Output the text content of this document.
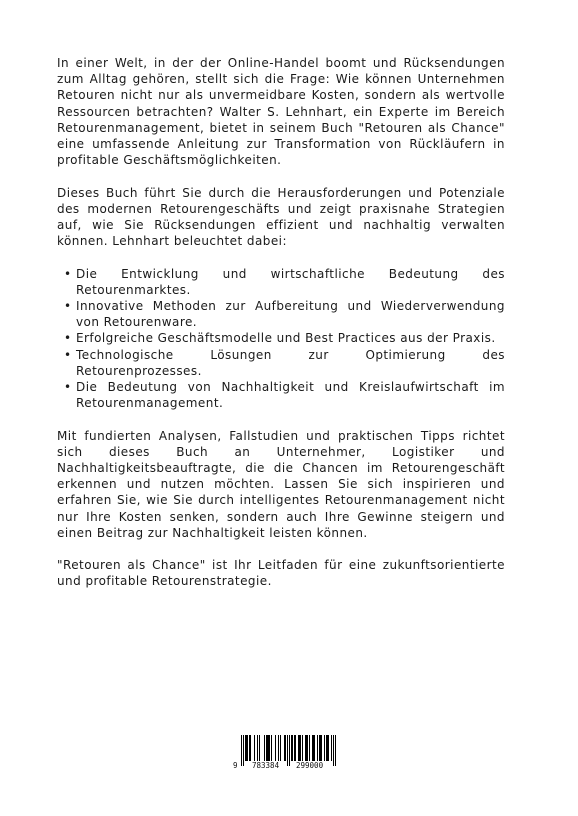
In einer Welt, in der der Online-Handel boomt und Rücksendungen zum Alltag gehören, stellt sich die Frage: Wie können Unternehmen Retouren nicht nur als unvermeidbare Kosten, sondern als wertvolle Ressourcen betrachten? Walter S. Lehnhart, ein Experte im Bereich Retourenmanagement, bietet in seinem Buch "Retouren als Chance" eine umfassende Anleitung zur Transformation von Rückläufern in profitable Geschäftsmöglichkeiten.

Dieses Buch führt Sie durch die Herausforderungen und Potenziale des modernen Retourengeschäfts und zeigt praxisnahe Strategien auf, wie Sie Rücksendungen effizient und nachhaltig verwalten können. Lehnhart beleuchtet dabei:

• Die Entwicklung und wirtschaftliche Bedeutung des Retourenmarktes.
• Innovative Methoden zur Aufbereitung und Wiederverwendung von Retourenware.
• Erfolgreiche Geschäftsmodelle und Best Practices aus der Praxis.
• Technologische Lösungen zur Optimierung des Retourenprozesses.
• Die Bedeutung von Nachhaltigkeit und Kreislaufwirtschaft im Retourenmanagement.

Mit fundierten Analysen, Fallstudien und praktischen Tipps richtet sich dieses Buch an Unternehmer, Logistiker und Nachhaltigkeitsbeauftragte, die die Chancen im Retourengeschäft erkennen und nutzen möchten. Lassen Sie sich inspirieren und erfahren Sie, wie Sie durch intelligentes Retourenmanagement nicht nur Ihre Kosten senken, sondern auch Ihre Gewinne steigern und einen Beitrag zur Nachhaltigkeit leisten können.

"Retouren als Chance" ist Ihr Leitfaden für eine zukunftsorientierte und profitable Retourenstrategie.

9 783384 299000
